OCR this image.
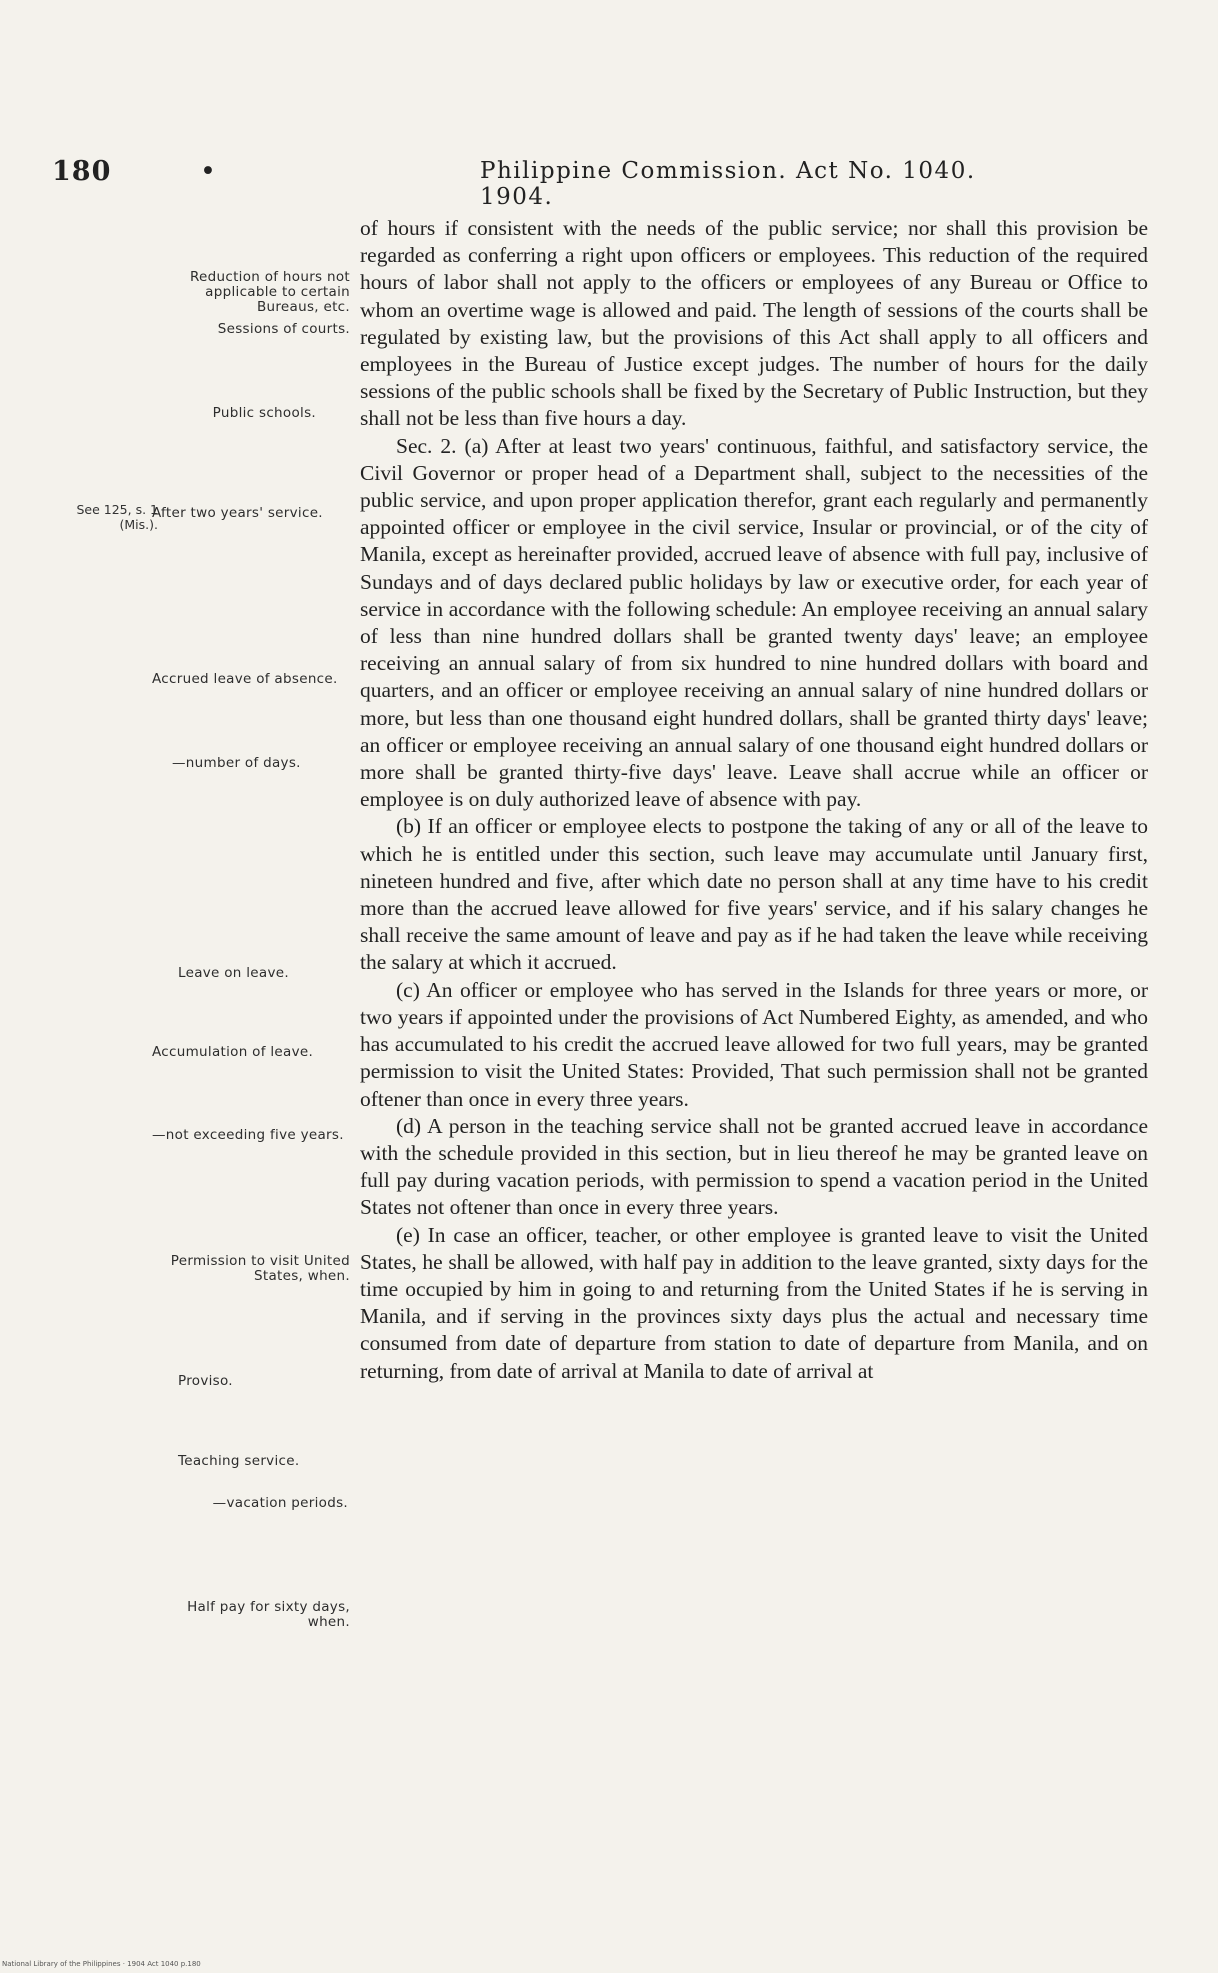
180	•	Philippine Commission. Act No. 1040. 1904.
See 125, s. 1 (Mis.).
Reduction of hours not applicable to certain Bureaus, etc.
Sessions of courts.
Public schools.
After two years' service.
Accrued leave of absence.
—number of days.
Leave on leave.
Accumulation of leave.
—not exceeding five years.
Permission to visit United States, when.
Proviso.
Teaching service.
—vacation periods.
Half pay for sixty days, when.

of hours if consistent with the needs of the public service; nor shall this provision be regarded as conferring a right upon officers or employees. This reduction of the required hours of labor shall not apply to the officers or employees of any Bureau or Office to whom an overtime wage is allowed and paid. The length of sessions of the courts shall be regulated by existing law, but the provisions of this Act shall apply to all officers and employees in the Bureau of Justice except judges. The number of hours for the daily sessions of the public schools shall be fixed by the Secretary of Public Instruction, but they shall not be less than five hours a day.

Sec. 2. (a) After at least two years' continuous, faithful, and satisfactory service, the Civil Governor or proper head of a Department shall, subject to the necessities of the public service, and upon proper application therefor, grant each regularly and permanently appointed officer or employee in the civil service, Insular or provincial, or of the city of Manila, except as hereinafter provided, accrued leave of absence with full pay, inclusive of Sundays and of days declared public holidays by law or executive order, for each year of service in accordance with the following schedule: An employee receiving an annual salary of less than nine hundred dollars shall be granted twenty days' leave; an employee receiving an annual salary of from six hundred to nine hundred dollars with board and quarters, and an officer or employee receiving an annual salary of nine hundred dollars or more, but less than one thousand eight hundred dollars, shall be granted thirty days' leave; an officer or employee receiving an annual salary of one thousand eight hundred dollars or more shall be granted thirty-five days' leave. Leave shall accrue while an officer or employee is on duly authorized leave of absence with pay.

(b) If an officer or employee elects to postpone the taking of any or all of the leave to which he is entitled under this section, such leave may accumulate until January first, nineteen hundred and five, after which date no person shall at any time have to his credit more than the accrued leave allowed for five years' service, and if his salary changes he shall receive the same amount of leave and pay as if he had taken the leave while receiving the salary at which it accrued.

(c) An officer or employee who has served in the Islands for three years or more, or two years if appointed under the provisions of Act Numbered Eighty, as amended, and who has accumulated to his credit the accrued leave allowed for two full years, may be granted permission to visit the United States: Provided, That such permission shall not be granted oftener than once in every three years.

(d) A person in the teaching service shall not be granted accrued leave in accordance with the schedule provided in this section, but in lieu thereof he may be granted leave on full pay during vacation periods, with permission to spend a vacation period in the United States not oftener than once in every three years.

(e) In case an officer, teacher, or other employee is granted leave to visit the United States, he shall be allowed, with half pay in addition to the leave granted, sixty days for the time occupied by him in going to and returning from the United States if he is serving in Manila, and if serving in the provinces sixty days plus the actual and necessary time consumed from date of departure from station to date of departure from Manila, and on returning, from date of arrival at Manila to date of arrival at

National Library of the Philippines · 1904 Act 1040 p.180
